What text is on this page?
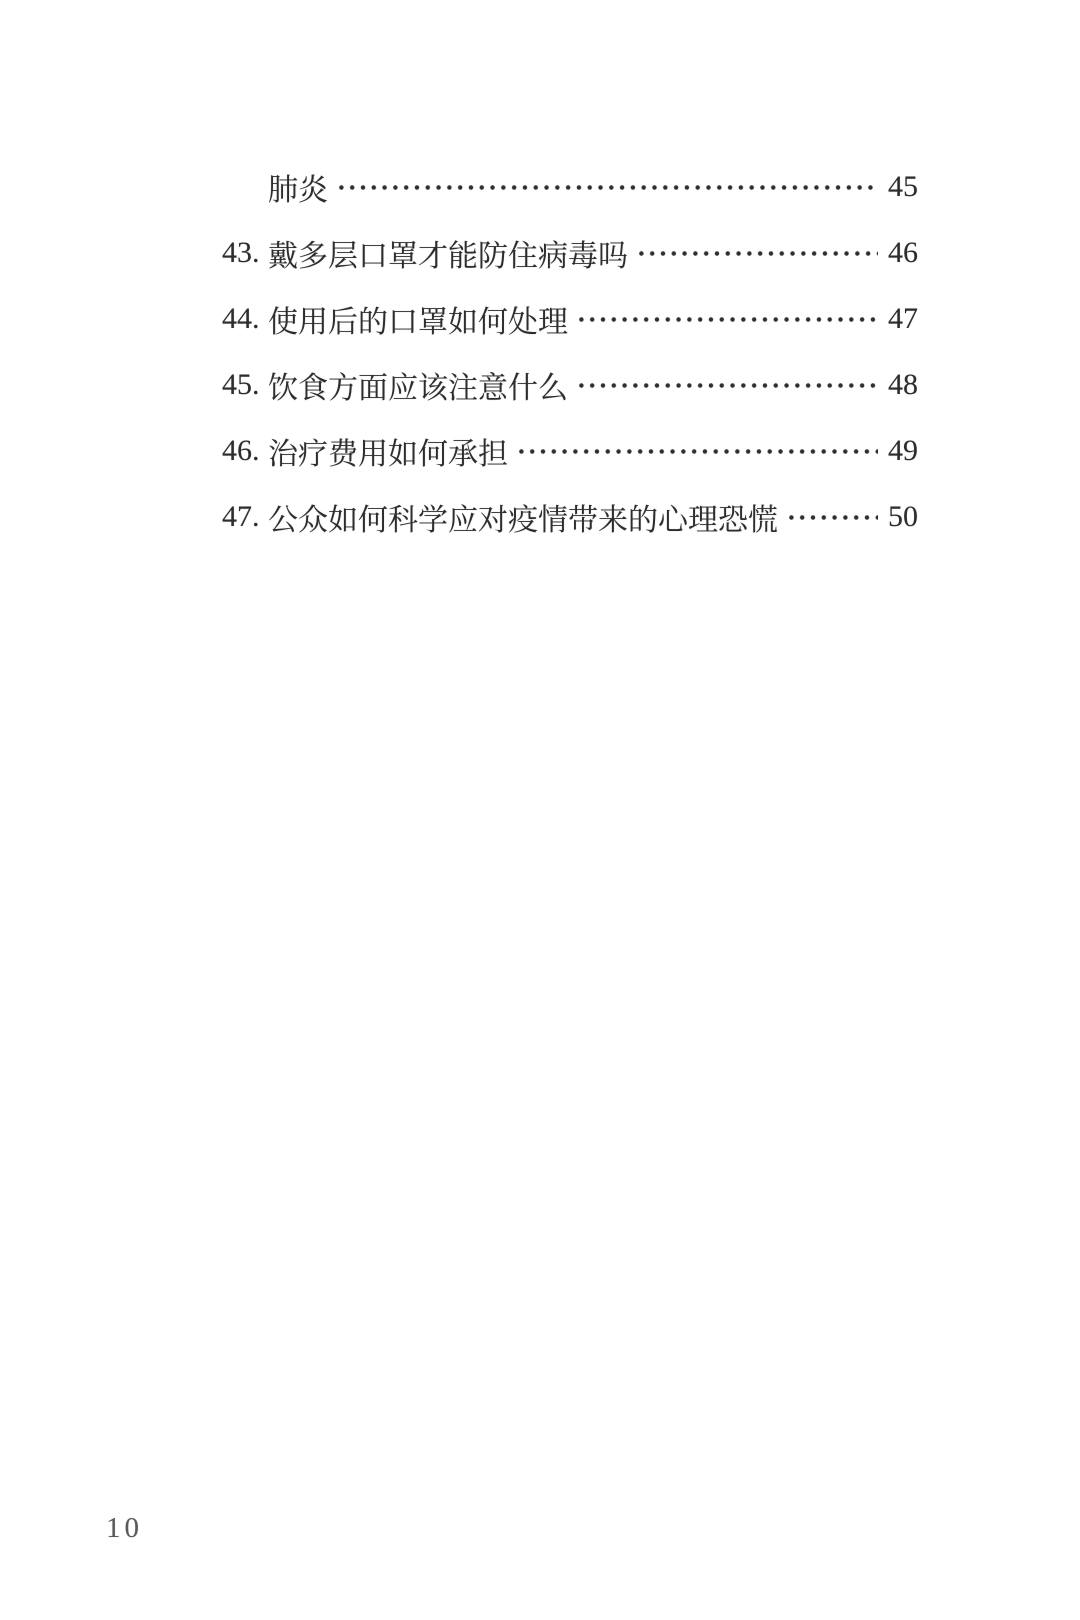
肺炎	45
43. 戴多层口罩才能防住病毒吗	46
44. 使用后的口罩如何处理	47
45. 饮食方面应该注意什么	48
46. 治疗费用如何承担	49
47. 公众如何科学应对疫情带来的心理恐慌	50
10
